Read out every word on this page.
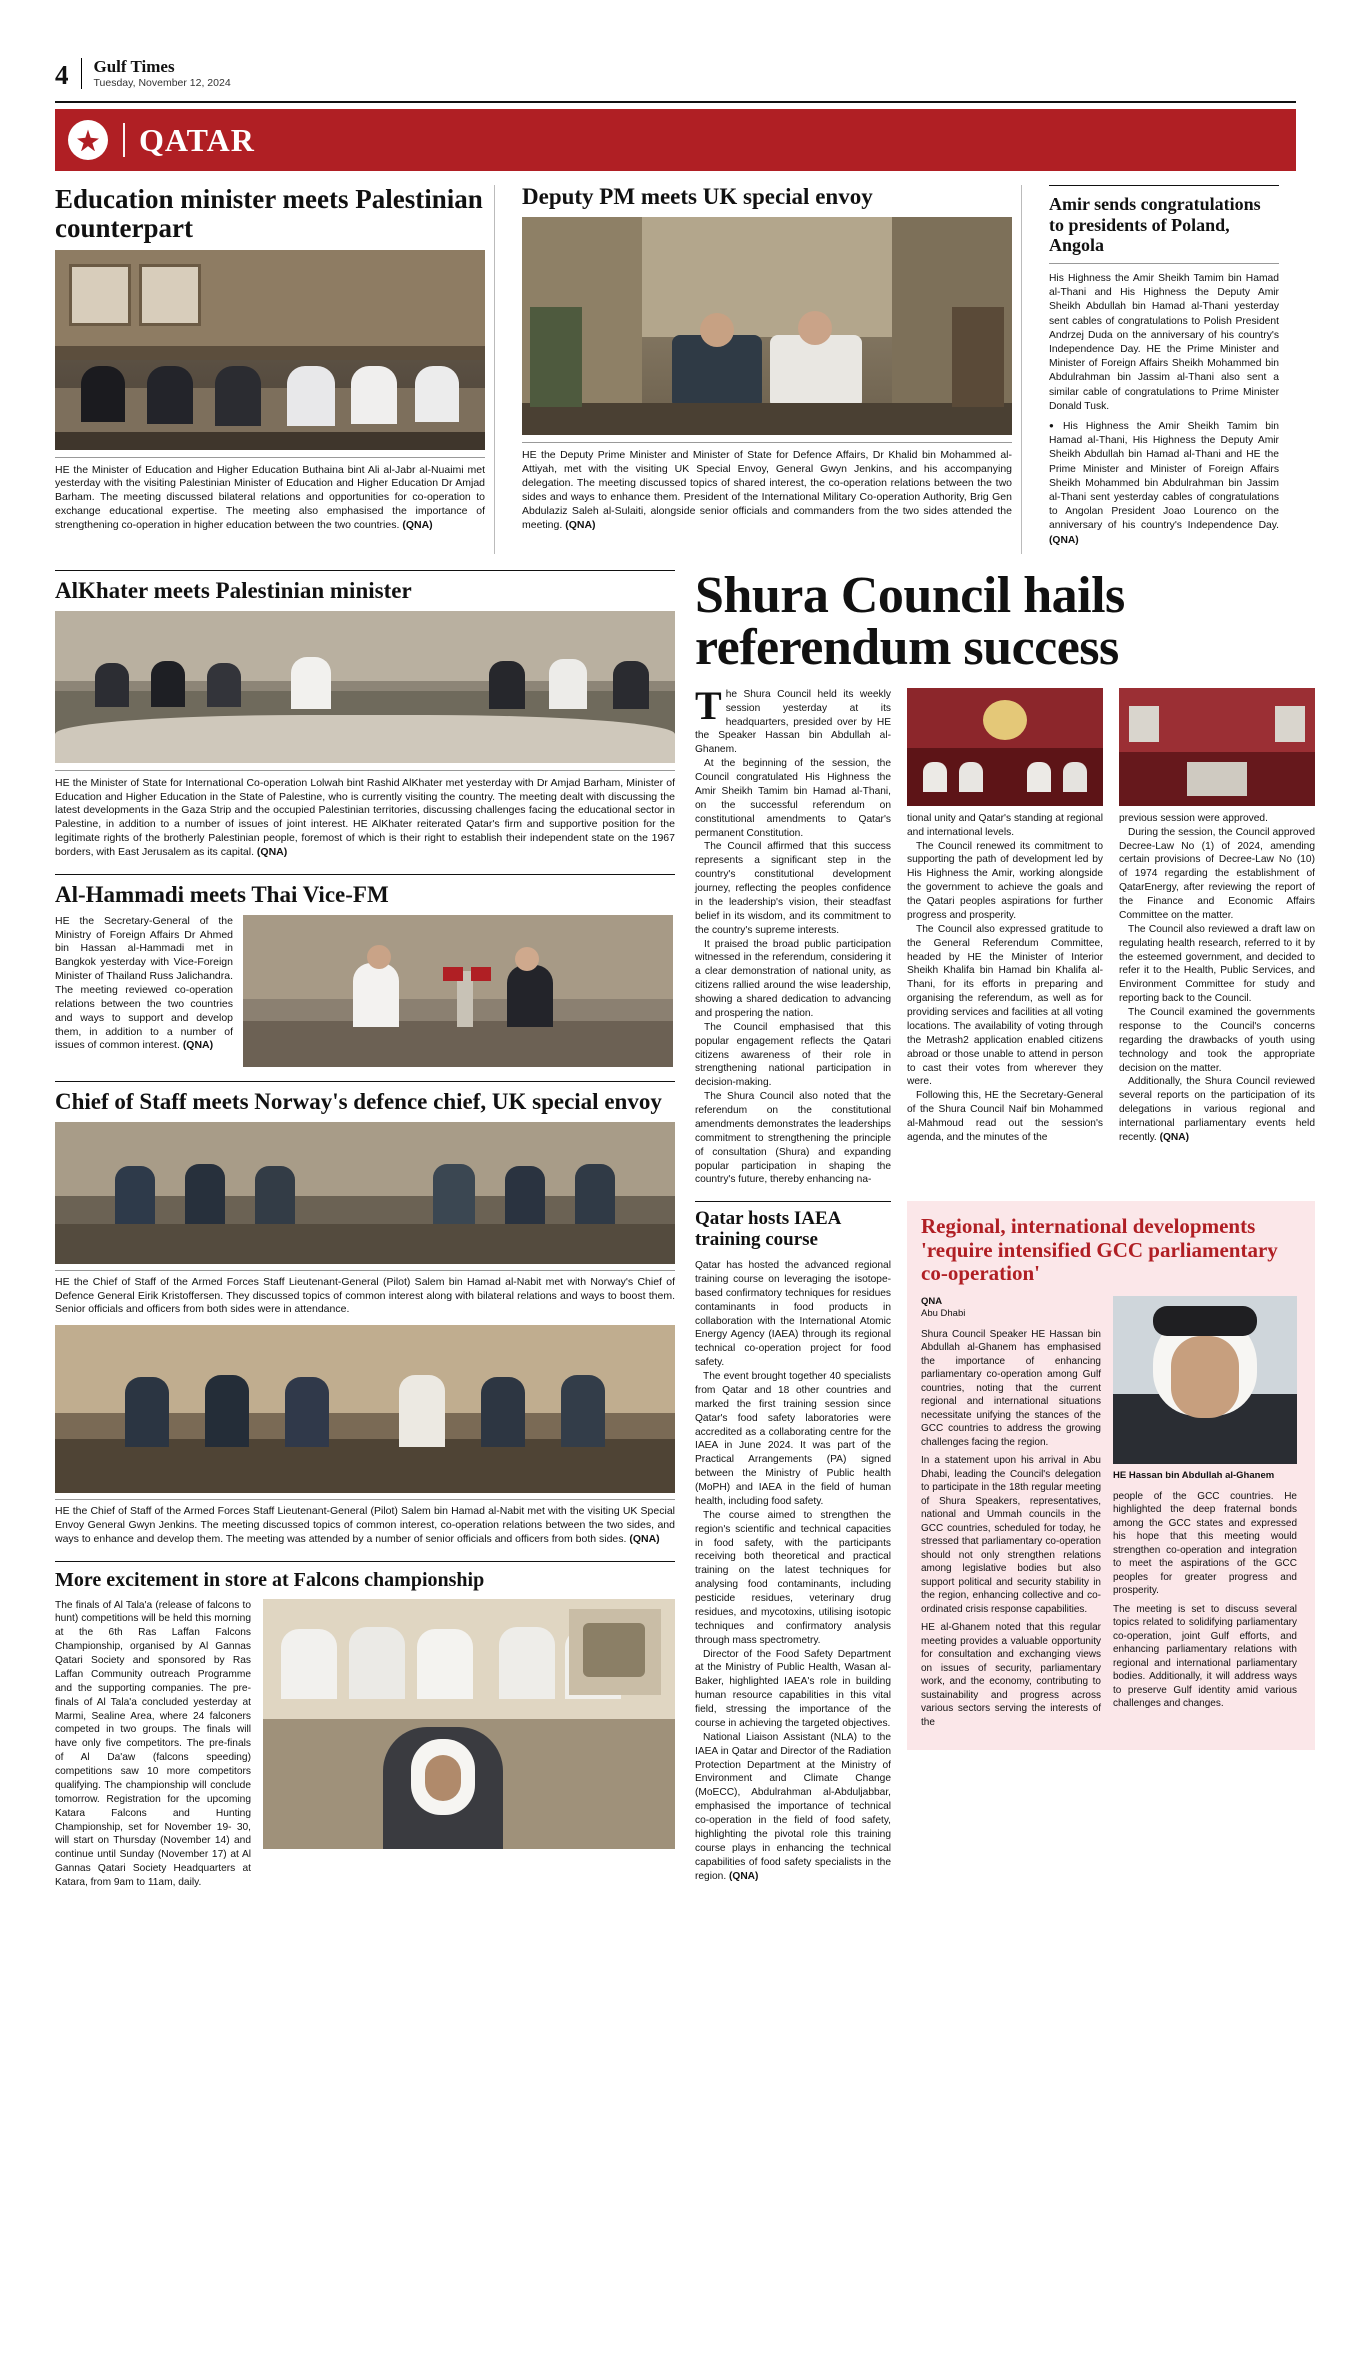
4 Gulf Times
Tuesday, November 12, 2024
QATAR
Education minister meets Palestinian counterpart
HE the Minister of Education and Higher Education Buthaina bint Ali al-Jabr al-Nuaimi met yesterday with the visiting Palestinian Minister of Education and Higher Education Dr Amjad Barham. The meeting discussed bilateral relations and opportunities for co-operation to exchange educational expertise. The meeting also emphasised the importance of strengthening co-operation in higher education between the two countries. (QNA)
Deputy PM meets UK special envoy
HE the Deputy Prime Minister and Minister of State for Defence Affairs, Dr Khalid bin Mohammed al-Attiyah, met with the visiting UK Special Envoy, General Gwyn Jenkins, and his accompanying delegation. The meeting discussed topics of shared interest, the co-operation relations between the two sides and ways to enhance them. President of the International Military Co-operation Authority, Brig Gen Abdulaziz Saleh al-Sulaiti, alongside senior officials and commanders from the two sides attended the meeting. (QNA)
Amir sends congratulations to presidents of Poland, Angola

His Highness the Amir Sheikh Tamim bin Hamad al-Thani and His Highness the Deputy Amir Sheikh Abdullah bin Hamad al-Thani yesterday sent cables of congratulations to Polish President Andrzej Duda on the anniversary of his country's Independence Day. HE the Prime Minister and Minister of Foreign Affairs Sheikh Mohammed bin Abdulrahman bin Jassim al-Thani also sent a similar cable of congratulations to Prime Minister Donald Tusk.

● His Highness the Amir Sheikh Tamim bin Hamad al-Thani, His Highness the Deputy Amir Sheikh Abdullah bin Hamad al-Thani and HE the Prime Minister and Minister of Foreign Affairs Sheikh Mohammed bin Abdulrahman bin Jassim al-Thani sent yesterday cables of congratulations to Angolan President Joao Lourenco on the anniversary of his country's Independence Day. (QNA)

AlKhater meets Palestinian minister
HE the Minister of State for International Co-operation Lolwah bint Rashid AlKhater met yesterday with Dr Amjad Barham, Minister of Education and Higher Education in the State of Palestine, who is currently visiting the country. The meeting dealt with discussing the latest developments in the Gaza Strip and the occupied Palestinian territories, discussing challenges facing the educational sector in Palestine, in addition to a number of issues of joint interest. HE AlKhater reiterated Qatar's firm and supportive position for the legitimate rights of the brotherly Palestinian people, foremost of which is their right to establish their independent state on the 1967 borders, with East Jerusalem as its capital. (QNA)
Al-Hammadi meets Thai Vice-FM
HE the Secretary-General of the Ministry of Foreign Affairs Dr Ahmed bin Hassan al-Hammadi met in Bangkok yesterday with Vice-Foreign Minister of Thailand Russ Jalichandra. The meeting reviewed co-operation relations between the two countries and ways to support and develop them, in addition to a number of issues of common interest. (QNA)
Chief of Staff meets Norway's defence chief, UK special envoy
HE the Chief of Staff of the Armed Forces Staff Lieutenant-General (Pilot) Salem bin Hamad al-Nabit met with Norway's Chief of Defence General Eirik Kristoffersen. They discussed topics of common interest along with bilateral relations and ways to boost them. Senior officials and officers from both sides were in attendance.
HE the Chief of Staff of the Armed Forces Staff Lieutenant-General (Pilot) Salem bin Hamad al-Nabit met with the visiting UK Special Envoy General Gwyn Jenkins. The meeting discussed topics of common interest, co-operation relations between the two sides, and ways to enhance and develop them. The meeting was attended by a number of senior officials and officers from both sides. (QNA)
More excitement in store at Falcons championship

The finals of Al Tala'a (release of falcons to hunt) competitions will be held this morning at the 6th Ras Laffan Falcons Championship, organised by Al Gannas Qatari Society and sponsored by Ras Laffan Community outreach Programme and the supporting companies. The pre-finals of Al Tala'a concluded yesterday at Marmi, Sealine Area, where 24 falconers competed in two groups. The finals will have only five competitors. The pre-finals of Al Da'aw (falcons speeding) competitions saw 10 more competitors qualifying. The championship will conclude tomorrow. Registration for the upcoming Katara Falcons and Hunting Championship, set for November 19- 30, will start on Thursday (November 14) and continue until Sunday (November 17) at Al Gannas Qatari Society Headquarters at Katara, from 9am to 11am, daily.

Shura Council hails referendum success

The Shura Council held its weekly session yesterday at its headquarters, presided over by HE the Speaker Hassan bin Abdullah al-Ghanem.

At the beginning of the session, the Council congratulated His Highness the Amir Sheikh Tamim bin Hamad al-Thani, on the successful referendum on constitutional amendments to Qatar's permanent Constitution.

The Council affirmed that this success represents a significant step in the country's constitutional development journey, reflecting the peoples confidence in the leadership's vision, their steadfast belief in its wisdom, and its commitment to the country's supreme interests.

It praised the broad public participation witnessed in the referendum, considering it a clear demonstration of national unity, as citizens rallied around the wise leadership, showing a shared dedication to advancing and prospering the nation.

The Council emphasised that this popular engagement reflects the Qatari citizens awareness of their role in strengthening national participation in decision-making.

The Shura Council also noted that the referendum on the constitutional amendments demonstrates the leaderships commitment to strengthening the principle of consultation (Shura) and expanding popular participation in shaping the country's future, thereby enhancing na-

tional unity and Qatar's standing at regional and international levels.

The Council renewed its commitment to supporting the path of development led by His Highness the Amir, working alongside the government to achieve the goals and the Qatari peoples aspirations for further progress and prosperity.

The Council also expressed gratitude to the General Referendum Committee, headed by HE the Minister of Interior Sheikh Khalifa bin Hamad bin Khalifa al-Thani, for its efforts in preparing and organising the referendum, as well as for providing services and facilities at all voting locations. The availability of voting through the Metrash2 application enabled citizens abroad or those unable to attend in person to cast their votes from wherever they were.

Following this, HE the Secretary-General of the Shura Council Naif bin Mohammed al-Mahmoud read out the session's agenda, and the minutes of the

previous session were approved.

During the session, the Council approved Decree-Law No (1) of 2024, amending certain provisions of Decree-Law No (10) of 1974 regarding the establishment of QatarEnergy, after reviewing the report of the Finance and Economic Affairs Committee on the matter.

The Council also reviewed a draft law on regulating health research, referred to it by the esteemed government, and decided to refer it to the Health, Public Services, and Environment Committee for study and reporting back to the Council.

The Council examined the governments response to the Council's concerns regarding the drawbacks of youth using technology and took the appropriate decision on the matter.

Additionally, the Shura Council reviewed several reports on the participation of its delegations in various regional and international parliamentary events held recently. (QNA)

Qatar hosts IAEA training course

Qatar has hosted the advanced regional training course on leveraging the isotope-based confirmatory techniques for residues contaminants in food products in collaboration with the International Atomic Energy Agency (IAEA) through its regional technical co-operation project for food safety.

The event brought together 40 specialists from Qatar and 18 other countries and marked the first training session since Qatar's food safety laboratories were accredited as a collaborating centre for the IAEA in June 2024. It was part of the Practical Arrangements (PA) signed between the Ministry of Public health (MoPH) and IAEA in the field of human health, including food safety.

The course aimed to strengthen the region's scientific and technical capacities in food safety, with the participants receiving both theoretical and practical training on the latest techniques for analysing food contaminants, including pesticide residues, veterinary drug residues, and mycotoxins, utilising isotopic techniques and confirmatory analysis through mass spectrometry.

Director of the Food Safety Department at the Ministry of Public Health, Wasan al-Baker, highlighted IAEA's role in building human resource capabilities in this vital field, stressing the importance of the course in achieving the targeted objectives.

National Liaison Assistant (NLA) to the IAEA in Qatar and Director of the Radiation Protection Department at the Ministry of Environment and Climate Change (MoECC), Abdulrahman al-Abduljabbar, emphasised the importance of technical co-operation in the field of food safety, highlighting the pivotal role this training course plays in enhancing the technical capabilities of food safety specialists in the region. (QNA)

Regional, international developments 'require intensified GCC parliamentary co-operation'
QNA
Abu Dhabi

Shura Council Speaker HE Hassan bin Abdullah al-Ghanem has emphasised the importance of enhancing parliamentary co-operation among Gulf countries, noting that the current regional and international situations necessitate unifying the stances of the GCC countries to address the growing challenges facing the region.

In a statement upon his arrival in Abu Dhabi, leading the Council's delegation to participate in the 18th regular meeting of Shura Speakers, representatives, national and Ummah councils in the GCC countries, scheduled for today, he stressed that parliamentary co-operation should not only strengthen relations among legislative bodies but also support political and security stability in the region, enhancing collective and co-ordinated crisis response capabilities.

HE al-Ghanem noted that this regular meeting provides a valuable opportunity for consultation and exchanging views on issues of security, parliamentary work, and the economy, contributing to sustainability and progress across various sectors serving the interests of the

HE Hassan bin Abdullah al-Ghanem

people of the GCC countries. He highlighted the deep fraternal bonds among the GCC states and expressed his hope that this meeting would strengthen co-operation and integration to meet the aspirations of the GCC peoples for greater progress and prosperity.

The meeting is set to discuss several topics related to solidifying parliamentary co-operation, joint Gulf efforts, and enhancing parliamentary relations with regional and international parliamentary bodies. Additionally, it will address ways to preserve Gulf identity amid various challenges and changes.
